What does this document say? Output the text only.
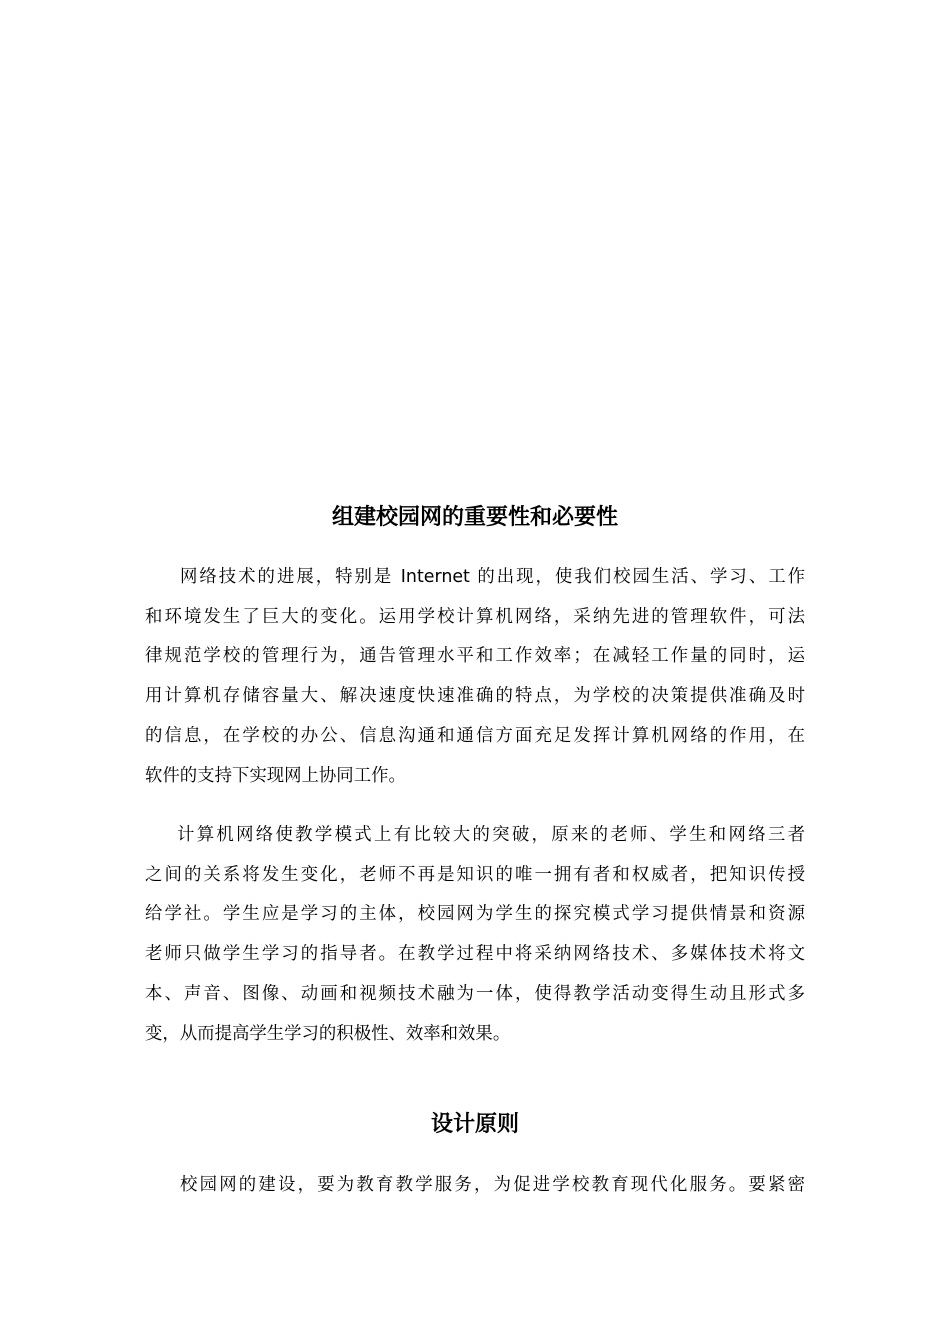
组建校园网的重要性和必要性
网络技术的进展，特别是 Internet 的出现，使我们校园生活、学习、工作
和环境发生了巨大的变化。运用学校计算机网络，采纳先进的管理软件，可法
律规范学校的管理行为，通告管理水平和工作效率；在减轻工作量的同时，运
用计算机存储容量大、解决速度快速准确的特点，为学校的决策提供准确及时
的信息，在学校的办公、信息沟通和通信方面充足发挥计算机网络的作用，在
软件的支持下实现网上协同工作。
计算机网络使教学模式上有比较大的突破，原来的老师、学生和网络三者
之间的关系将发生变化，老师不再是知识的唯一拥有者和权威者，把知识传授
给学社。学生应是学习的主体，校园网为学生的探究模式学习提供情景和资源
老师只做学生学习的指导者。在教学过程中将采纳网络技术、多媒体技术将文
本、声音、图像、动画和视频技术融为一体，使得教学活动变得生动且形式多
变，从而提高学生学习的积极性、效率和效果。
设计原则
校园网的建设，要为教育教学服务，为促进学校教育现代化服务。要紧密
